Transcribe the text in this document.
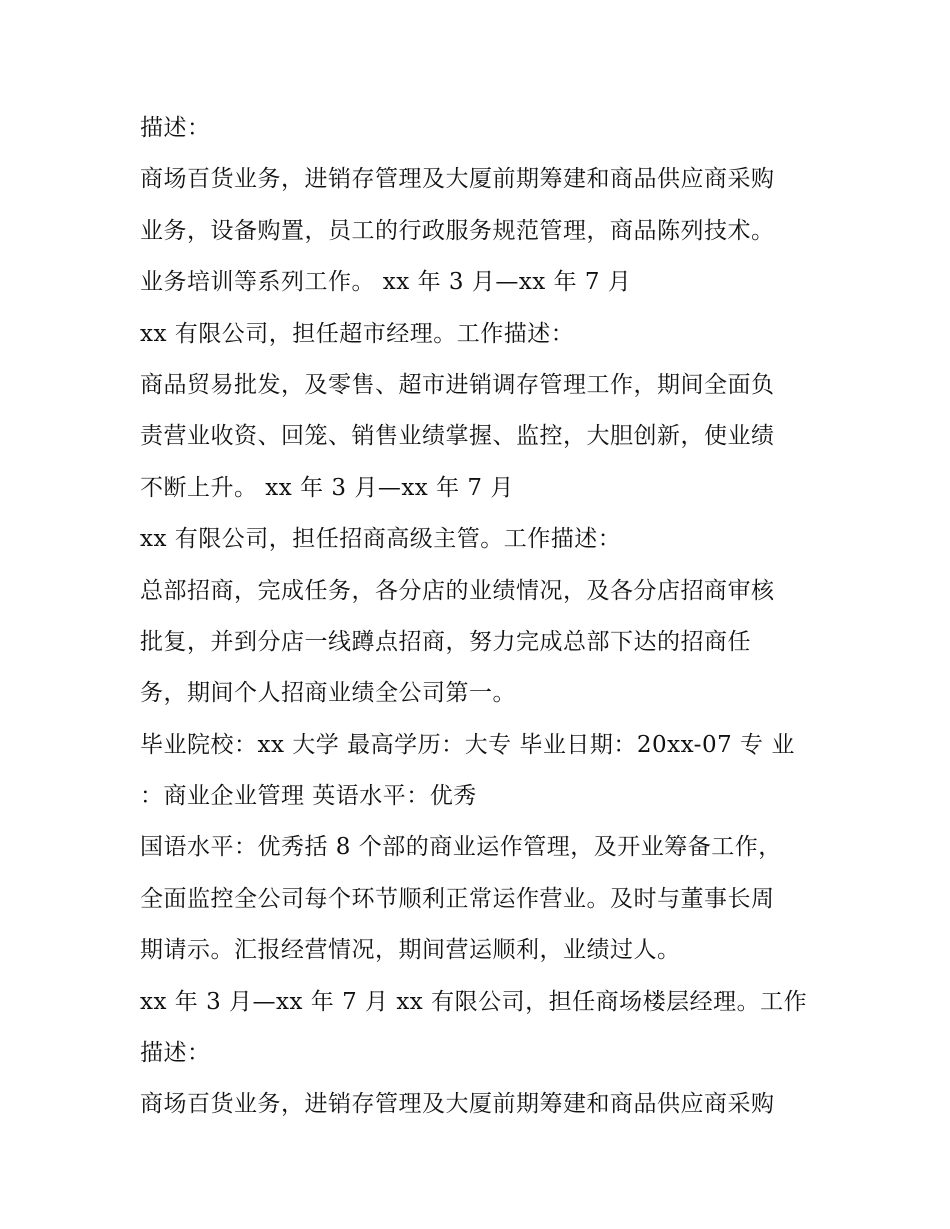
描述：
商场百货业务，进销存管理及大厦前期筹建和商品供应商采购
业务，设备购置，员工的行政服务规范管理，商品陈列技术。
业务培训等系列工作。 xx 年 3 月—xx 年 7 月
xx 有限公司，担任超市经理。工作描述：
商品贸易批发，及零售、超市进销调存管理工作，期间全面负
责营业收资、回笼、销售业绩掌握、监控，大胆创新，使业绩
不断上升。 xx 年 3 月—xx 年 7 月
xx 有限公司，担任招商高级主管。工作描述：
总部招商，完成任务，各分店的业绩情况，及各分店招商审核
批复，并到分店一线蹲点招商，努力完成总部下达的招商任
务，期间个人招商业绩全公司第一。
毕业院校：xx 大学 最高学历：大专 毕业日期：20xx-07 专 业
：商业企业管理 英语水平：优秀
国语水平：优秀括 8 个部的商业运作管理，及开业筹备工作，
全面监控全公司每个环节顺利正常运作营业。及时与董事长周
期请示。汇报经营情况，期间营运顺利，业绩过人。
xx 年 3 月—xx 年 7 月 xx 有限公司，担任商场楼层经理。工作
描述：
商场百货业务，进销存管理及大厦前期筹建和商品供应商采购
